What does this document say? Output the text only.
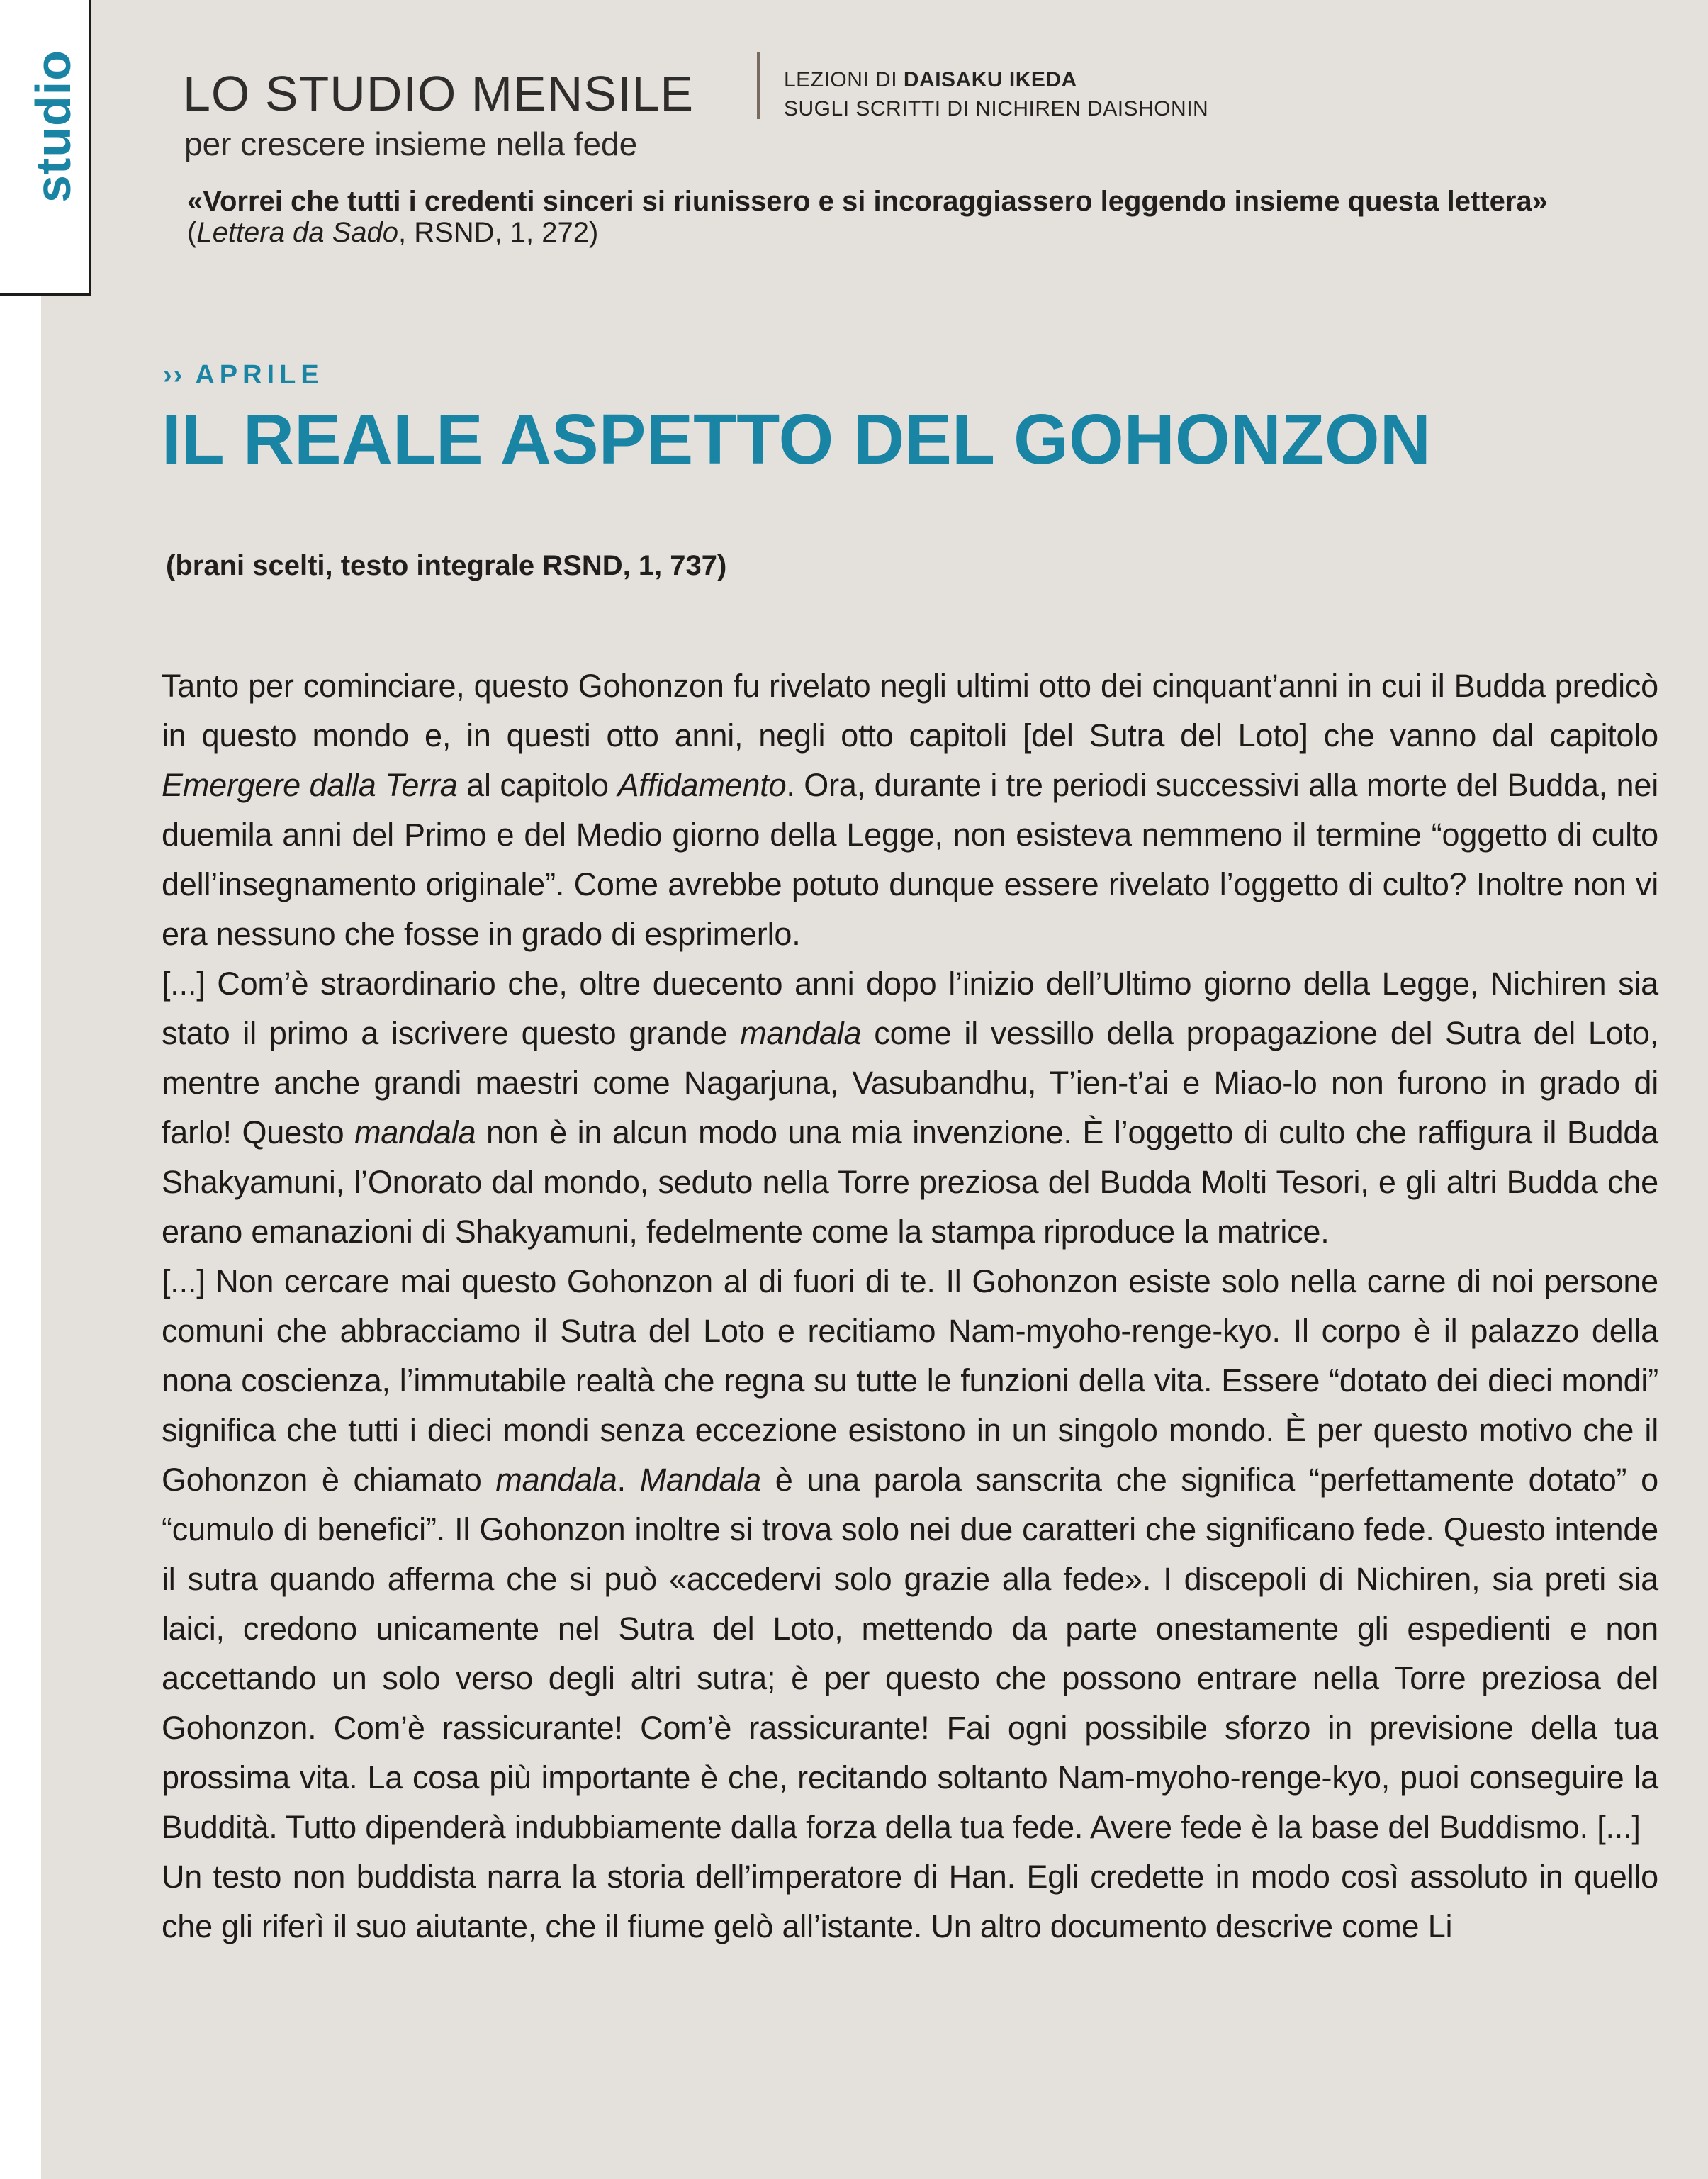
studio LO STUDIO MENSILE	LEZIONI DI DAISAKU IKEDA
SUGLI SCRITTI DI NICHIREN DAISHONIN
per crescere insieme nella fede
«Vorrei che tutti i credenti sinceri si riunissero e si incoraggiassero leggendo insieme questa lettera»
(Lettera da Sado, RSND, 1, 272)
›› APRILE
IL REALE ASPETTO DEL GOHONZON
(brani scelti, testo integrale RSND, 1, 737)

Tanto per cominciare, questo Gohonzon fu rivelato negli ultimi otto dei cinquant’anni in cui il Budda predicò in questo mondo e, in questi otto anni, negli otto capitoli [del Sutra del Loto] che vanno dal capitolo Emergere dalla Terra al capitolo Affidamento. Ora, durante i tre periodi successivi alla morte del Budda, nei duemila anni del Primo e del Medio giorno della Legge, non esisteva nemmeno il termine “oggetto di culto dell’insegnamento originale”. Come avrebbe potuto dunque essere rivelato l’oggetto di culto? Inoltre non vi era nessuno che fosse in grado di esprimerlo.

[...] Com’è straordinario che, oltre duecento anni dopo l’inizio dell’Ultimo giorno della Legge, Nichiren sia stato il primo a iscrivere questo grande mandala come il vessillo della propagazione del Sutra del Loto, mentre anche grandi maestri come Nagarjuna, Vasubandhu, T’ien-t’ai e Miao-lo non furono in grado di farlo! Questo mandala non è in alcun modo una mia invenzione. È l’oggetto di culto che raffigura il Budda Shakyamuni, l’Onorato dal mondo, seduto nella Torre preziosa del Budda Molti Tesori, e gli altri Budda che erano emanazioni di Shakyamuni, fedelmente come la stampa riproduce la matrice.

[...] Non cercare mai questo Gohonzon al di fuori di te. Il Gohonzon esiste solo nella carne di noi persone comuni che abbracciamo il Sutra del Loto e recitiamo Nam-myoho-renge-kyo. Il corpo è il palazzo della nona coscienza, l’immutabile realtà che regna su tutte le funzioni della vita. Essere “dotato dei dieci mondi” significa che tutti i dieci mondi senza eccezione esistono in un singolo mondo. È per questo motivo che il Gohonzon è chiamato mandala. Mandala è una parola sanscrita che significa “perfettamente dotato” o “cumulo di benefici”. Il Gohonzon inoltre si trova solo nei due caratteri che significano fede. Questo intende il sutra quando afferma che si può «accedervi solo grazie alla fede». I discepoli di Nichiren, sia preti sia laici, credono unicamente nel Sutra del Loto, mettendo da parte onestamente gli espedienti e non accettando un solo verso degli altri sutra; è per questo che possono entrare nella Torre preziosa del Gohonzon. Com’è rassicurante! Com’è rassicurante! Fai ogni possibile sforzo in previsione della tua prossima vita. La cosa più importante è che, recitando soltanto Nam-myoho-renge-kyo, puoi conseguire la Buddità. Tutto dipenderà indubbiamente dalla forza della tua fede. Avere fede è la base del Buddismo. [...]

Un testo non buddista narra la storia dell’imperatore di Han. Egli credette in modo così assoluto in quello che gli riferì il suo aiutante, che il fiume gelò all’istante. Un altro documento descrive come Li
